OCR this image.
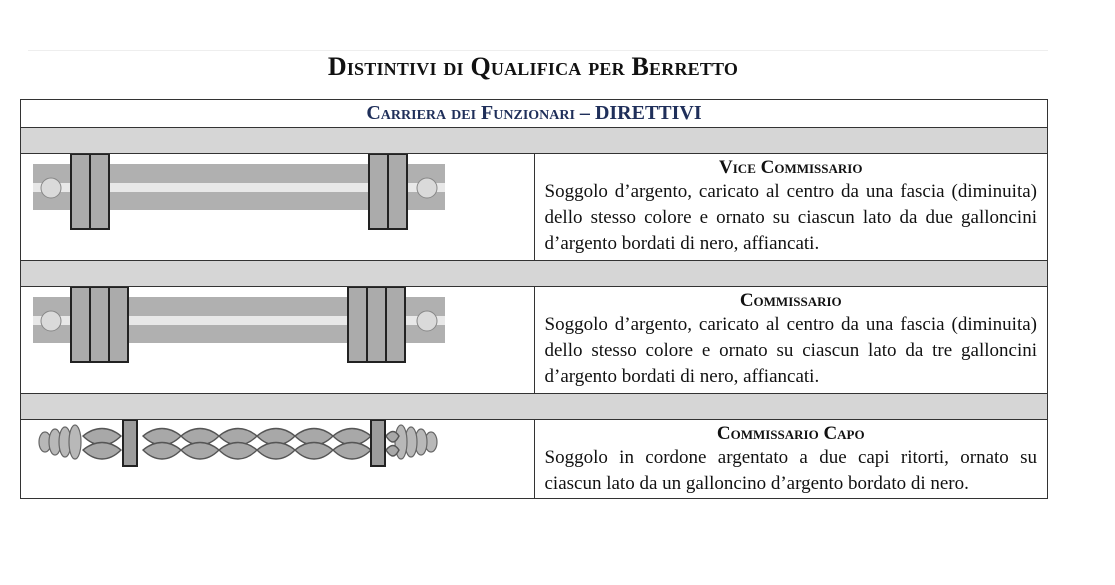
Distintivi di Qualifica per Berretto
Carriera dei Funzionari – DIRETTIVI	

Vice Commissario
Soggolo d’argento, caricato al centro da una fascia (diminuita) dello stesso colore e ornato su ciascun lato da due galloncini d’argento bordati di nero, affiancati.

Commissario
Soggolo d’argento, caricato al centro da una fascia (diminuita) dello stesso colore e ornato su ciascun lato da tre galloncini d’argento bordati di nero, affiancati.

Commissario Capo
Soggolo in cordone argentato a due capi ritorti, ornato su ciascun lato da un galloncino d’argento bordato di nero.
